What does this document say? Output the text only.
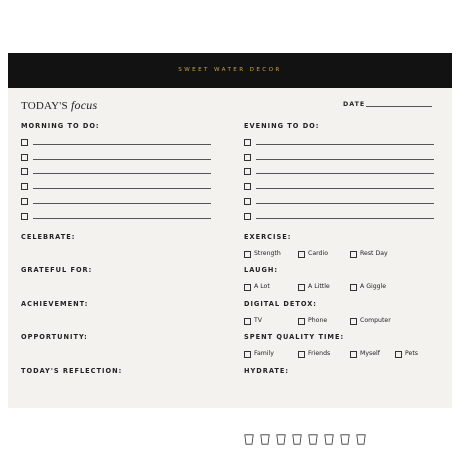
SWEET WATER DECOR
TODAY'S focus	DATE
MORNING TO DO:	EVENING TO DO:
CELEBRATE:
GRATEFUL FOR:
ACHIEVEMENT:
OPPORTUNITY:
TODAY'S REFLECTION:
EXERCISE:
Strength	Cardio	Rest Day
LAUGH:
A Lot	A Little	A Giggle
DIGITAL DETOX:
TV	Phone	Computer
SPENT QUALITY TIME:
Family	Friends	Myself	Pets
HYDRATE:
